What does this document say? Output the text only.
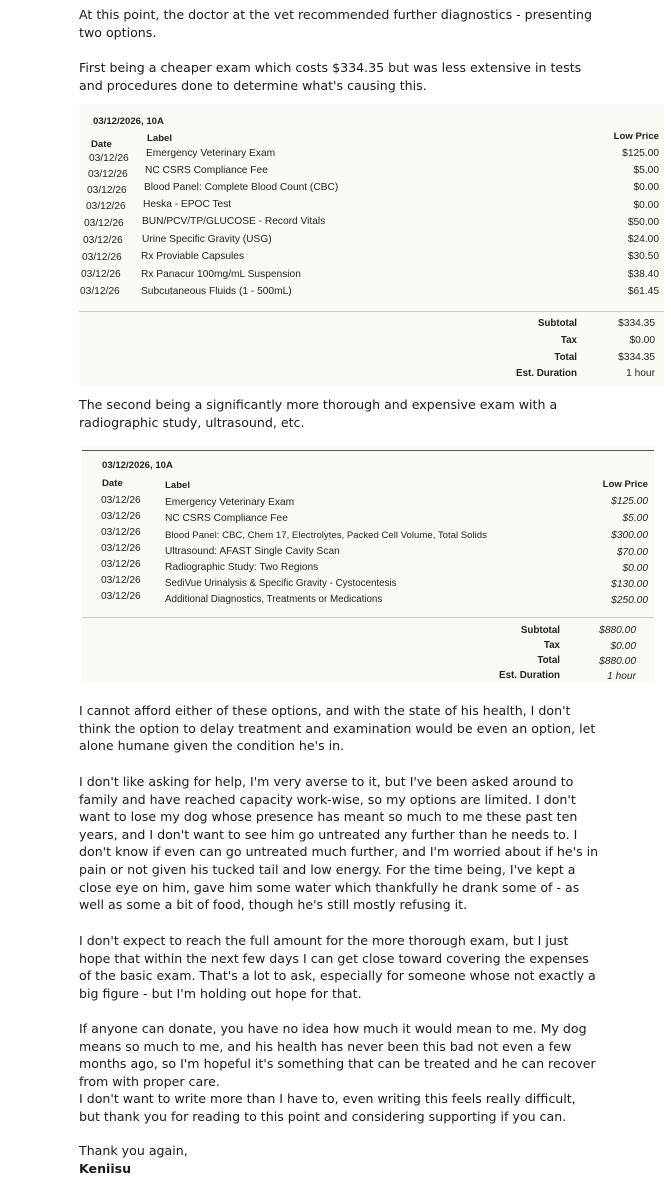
At this point, the doctor at the vet recommended further diagnostics - presenting two options.

First being a cheaper exam which costs $334.35 but was less extensive in tests and procedures done to determine what's causing this.

03/12/2026, 10A
Label
Date
Low Price
03/12/26 Emergency Veterinary Exam	$125.00
03/12/26 NC CSRS Compliance Fee	$5.00
03/12/26 Blood Panel: Complete Blood Count (CBC)	$0.00
03/12/26 Heska - EPOC Test	$0.00
03/12/26 BUN/PCV/TP/GLUCOSE - Record Vitals	$50.00
03/12/26 Urine Specific Gravity (USG)	$24.00
03/12/26 Rx Proviable Capsules	$30.50
03/12/26 Rx Panacur 100mg/mL Suspension	$38.40
03/12/26 Subcutaneous Fluids (1 - 500mL)	$61.45
Subtotal	$334.35
Tax	$0.00
Total	$334.35
Est. Duration	1 hour

The second being a significantly more thorough and expensive exam with a radiographic study, ultrasound, etc.

03/12/2026, 10A
Date	Label	Low Price
03/12/26 Emergency Veterinary Exam	$125.00
03/12/26 NC CSRS Compliance Fee	$5.00
03/12/26	Blood Panel: CBC, Chem 17, Electrolytes, Packed Cell Volume, Total Solids	$300.00
03/12/26 Ultrasound: AFAST Single Cavity Scan	$70.00
03/12/26 Radiographic Study: Two Regions	$0.00
03/12/26 SediVue Urinalysis & Specific Gravity - Cystocentesis	$130.00
03/12/26 Additional Diagnostics, Treatments or Medications	$250.00
Subtotal	$880.00
Tax	$0.00
Total	$880.00
Est. Duration	1 hour

I cannot afford either of these options, and with the state of his health, I don't think the option to delay treatment and examination would be even an option, let alone humane given the condition he's in.

I don't like asking for help, I'm very averse to it, but I've been asked around to family and have reached capacity work-wise, so my options are limited. I don't want to lose my dog whose presence has meant so much to me these past ten years, and I don't want to see him go untreated any further than he needs to. I don't know if even can go untreated much further, and I'm worried about if he's in pain or not given his tucked tail and low energy. For the time being, I've kept a close eye on him, gave him some water which thankfully he drank some of - as well as some a bit of food, though he's still mostly refusing it.

I don't expect to reach the full amount for the more thorough exam, but I just hope that within the next few days I can get close toward covering the expenses of the basic exam. That's a lot to ask, especially for someone whose not exactly a big figure - but I'm holding out hope for that.

If anyone can donate, you have no idea how much it would mean to me. My dog means so much to me, and his health has never been this bad not even a few months ago, so I'm hopeful it's something that can be treated and he can recover from with proper care.

I don't want to write more than I have to, even writing this feels really difficult, but thank you for reading to this point and considering supporting if you can.

Thank you again,
Keniisu
